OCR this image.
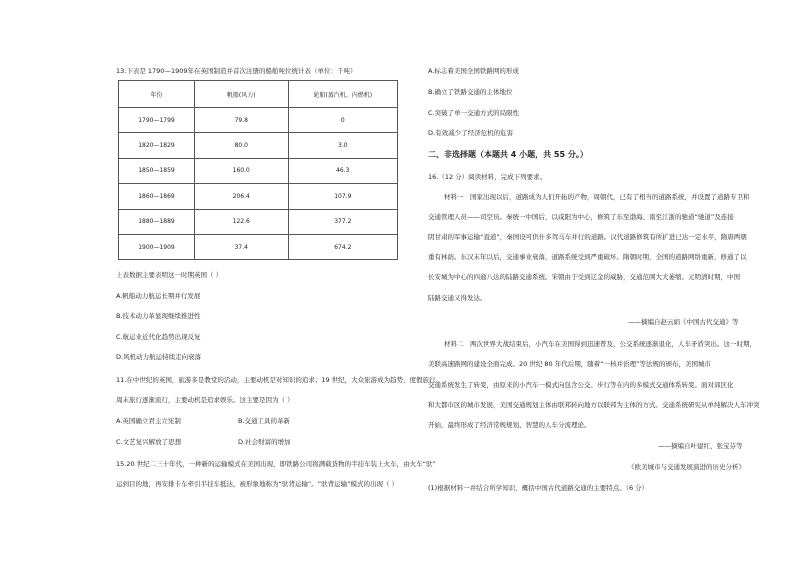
13.下表是 1790—1909年在英国制造并首次注册的船舶吨位统计表（单位：千吨）
年份	帆船(风力)	轮船(蒸汽机、内燃机)
1790—1799	79.8	0
1820—1829	80.0	3.0
1850—1859	160.0	46.3
1860—1869	206.4	107.9
1880—1889	122.6	377.2
1900—1909	37.4	674.2
上表数据主要表明这一时期英国（ ）
A.帆船动力航运长期并行发展
B.技术动力革显现继续推进性
C.航运业近代化趋势出现反复
D.风机动力航运持续走向衰落
11.在中世纪的英国，旅游多是教堂的活动，主要动机是对知识的追求；19 世纪，大众旅游成为趋势，度假旅行、
周末旅行逐渐流行，主要动机是追求娱乐。这主要是因为（ ）
A.英国确立君主立宪制	B.交通工具的革新
C.文艺复兴解放了思想	D.社会财富的增加
15.20 世纪二三十年代，一种新的运输模式在美国出现，即铁路公司将满载货物的半挂车装上火车，由火车“驮”
运到目的地，再安排卡车牵引半挂车抵达，被形象地称为“驮背运输”。“驮背运输”模式的出现（ ）
A.标志着美国全国铁路网的形成
B.确立了铁路交通的主体地位
C.突破了单一交通方式的局限性
D.有效减少了经济危机的危害
二、非选择题（本题共 4 小题，共 55 分。）
16.（12 分）阅读材料，完成下列要求。
材料一　国家出现以后，道路成为人们开拓的产物，周朝代，已有了相当的道路系统，并设置了道路专卫和
交通管理人员——司空员。秦统一中国后，以咸阳为中心，修筑了东至渤海、南至江浙的驰道“驰道”及连接
阴甘肃的军事运输“直道”，秦国设可供什多驾马车并行的道路。汉代道路修筑有所扩进已达一定水平，隋唐两朝
重有林荫。东汉末年以后，交通事业衰落，道路系统受到严重破坏。隋朝时期，全国的道路网络重新，修通了以
长安城为中心的四通八达的陆路交通系统。宋朝由于受到辽金的威胁，交通范围大大萎缩。元明清时期，中国
陆路交通又得发达。
——摘编自赵云娟《中国古代交通》等
材料二　两次世界大战结束后，小汽车在美国得到迅速普及，公交系统逐渐退化，人车矛盾突出。这一时期，
美联高速路网的建设全面完成。20 世纪 80 年代后期，随着“一核并治理”等法规的颁布，美国城市
交通系统发生了转变，由原来的小汽车一模式向包含公交、步行等在内的多模式交通体系转变。面对郊区化
和大都市区的城市发展，美国交通规划主体由联邦转向地方以联邦为主体的方式。交通系统研究从单纯解决人车冲突
开始，最终形成了经济常规规划、智慧的人车分流理论。
——摘编自叶建红、张宝芬等
《欧美城市与交通发展演进的历史分析》
(1)根据材料一并结合所学知识，概括中国古代道路交通的主要特点。（6 分）
